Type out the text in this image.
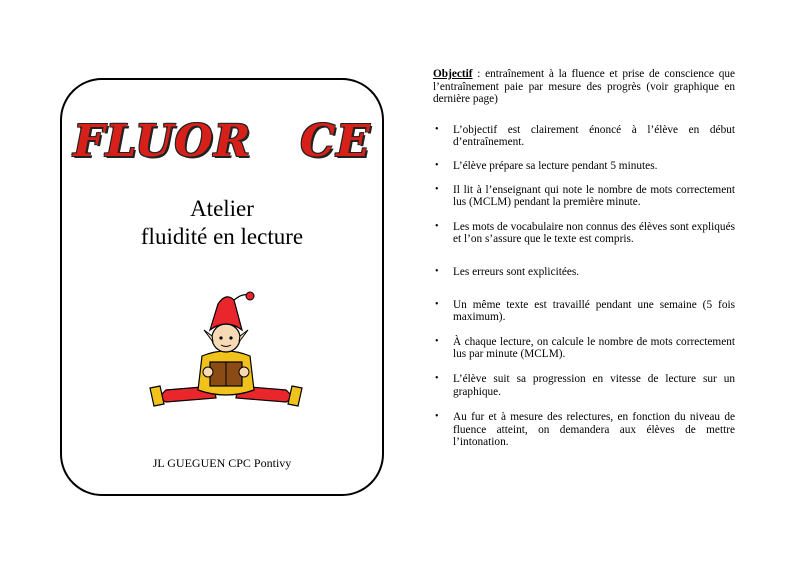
FLUOR   CE
Atelier
fluidité en lecture
JL GUEGUEN CPC Pontivy

Objectif : entraînement à la fluence et prise de conscience que l’entraînement paie par mesure des progrès (voir graphique en dernière page)

• L’objectif est clairement énoncé à l’élève en début d’entraînement.
• L’élève prépare sa lecture pendant 5 minutes.
• Il lit à l’enseignant qui note le nombre de mots correctement lus (MCLM) pendant la première minute.
• Les mots de vocabulaire non connus des élèves sont expliqués et l’on s’assure que le texte est compris.
• Les erreurs sont explicitées.
• Un même texte est travaillé pendant une semaine (5 fois maximum).
• À chaque lecture, on calcule le nombre de mots correctement lus par minute (MCLM).
• L’élève suit sa progression en vitesse de lecture sur un graphique.
• Au fur et à mesure des relectures, en fonction du niveau de fluence atteint, on demandera aux élèves de mettre l’intonation.
